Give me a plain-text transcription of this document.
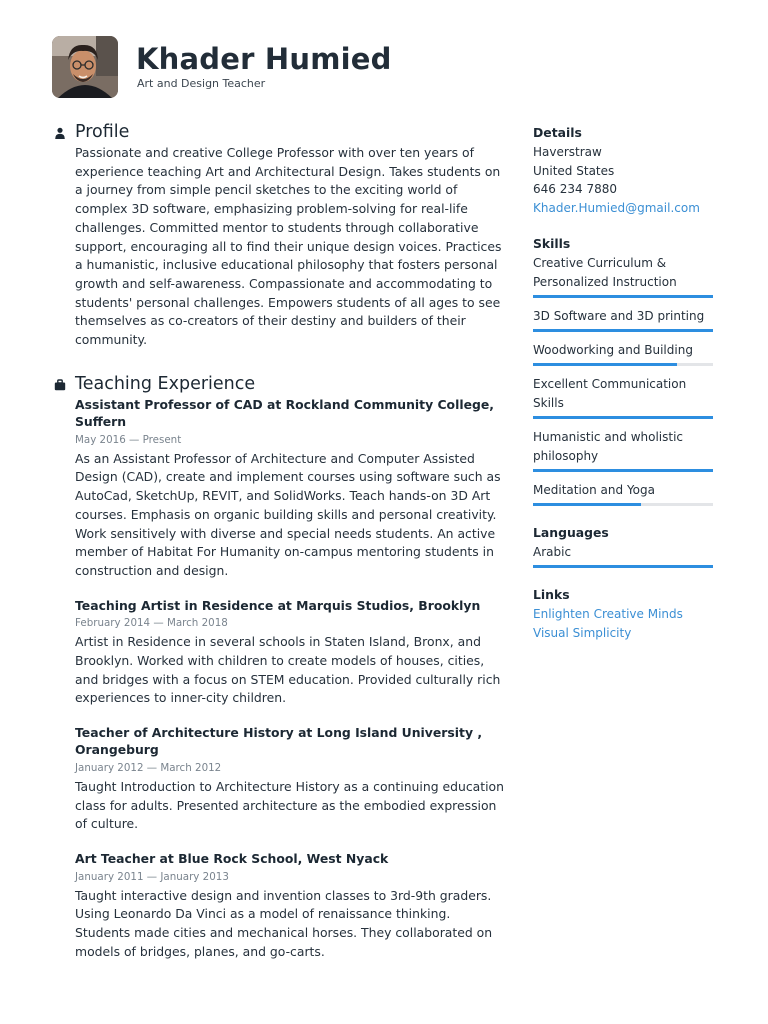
Khader Humied
Art and Design Teacher
Profile

Passionate and creative College Professor with over ten years of experience teaching Art and Architectural Design. Takes students on a journey from simple pencil sketches to the exciting world of complex 3D software, emphasizing problem-solving for real-life challenges. Committed mentor to students through collaborative support, encouraging all to find their unique design voices. Practices a humanistic, inclusive educational philosophy that fosters personal growth and self-awareness. Compassionate and accommodating to students' personal challenges. Empowers students of all ages to see themselves as co-creators of their destiny and builders of their community.

Teaching Experience

Assistant Professor of CAD at Rockland Community College, Suffern

May 2016 — Present

As an Assistant Professor of Architecture and Computer Assisted Design (CAD), create and implement courses using software such as AutoCad, SketchUp, REVIT, and SolidWorks. Teach hands-on 3D Art courses. Emphasis on organic building skills and personal creativity. Work sensitively with diverse and special needs students. An active member of Habitat For Humanity on-campus mentoring students in construction and design.

Teaching Artist in Residence at Marquis Studios, Brooklyn

February 2014 — March 2018

Artist in Residence in several schools in Staten Island, Bronx, and Brooklyn. Worked with children to create models of houses, cities, and bridges with a focus on STEM education. Provided culturally rich experiences to inner-city children.

Teacher of Architecture History at Long Island University , Orangeburg

January 2012 — March 2012

Taught Introduction to Architecture History as a continuing education class for adults. Presented architecture as the embodied expression of culture.

Art Teacher at Blue Rock School, West Nyack

January 2011 — January 2013

Taught interactive design and invention classes to 3rd-9th graders. Using Leonardo Da Vinci as a model of renaissance thinking. Students made cities and mechanical horses. They collaborated on models of bridges, planes, and go-carts.

Details

Haverstraw

United States

646 234 7880

Khader.Humied@gmail.com

Skills

Creative Curriculum & Personalized Instruction

3D Software and 3D printing

Woodworking and Building

Excellent Communication Skills

Humanistic and wholistic philosophy

Meditation and Yoga

Languages

Arabic

Links

Enlighten Creative Minds

Visual Simplicity
